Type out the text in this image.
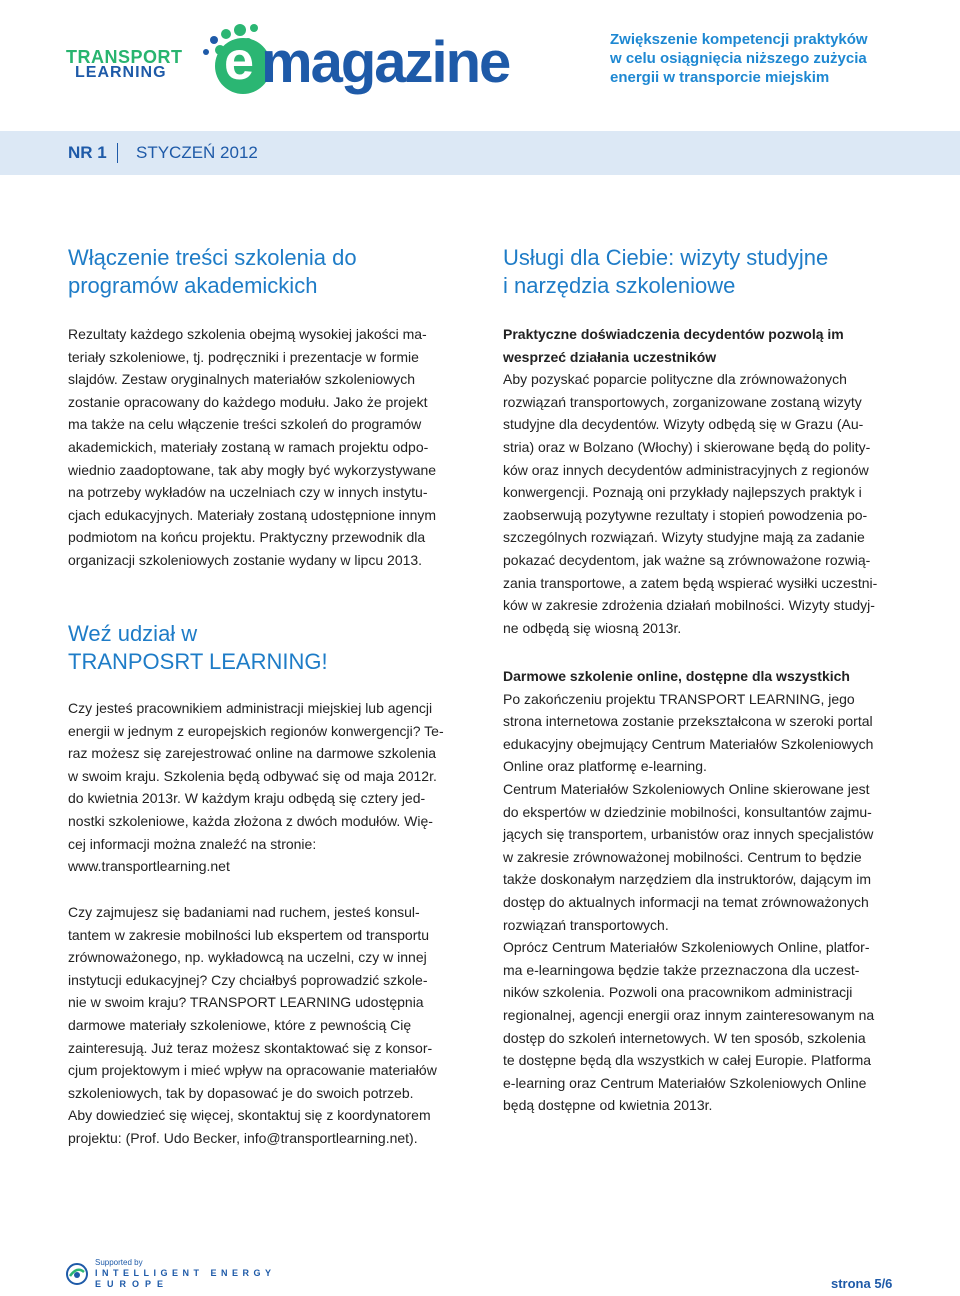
TRANSPORT
LEARNING e magazine	Zwiększenie kompetencji praktyków
w celu osiągnięcia niższego zużycia
energii w transporcie miejskim
NR 1 STYCZEŃ 2012
Włączenie treści szkolenia do
programów akademickich
Rezultaty każdego szkolenia obejmą wysokiej jakości ma-
teriały szkoleniowe, tj. podręczniki i prezentacje w formie
slajdów. Zestaw oryginalnych materiałów szkoleniowych
zostanie opracowany do każdego modułu. Jako że projekt
ma także na celu włączenie treści szkoleń do programów
akademickich, materiały zostaną w ramach projektu odpo-
wiednio zaadoptowane, tak aby mogły być wykorzystywane
na potrzeby wykładów na uczelniach czy w innych instytu-
cjach edukacyjnych. Materiały zostaną udostępnione innym
podmiotom na końcu projektu. Praktyczny przewodnik dla
organizacji szkoleniowych zostanie wydany w lipcu 2013.
Weź udział w
TRANPOSRT LEARNING!
Czy jesteś pracownikiem administracji miejskiej lub agencji
energii w jednym z europejskich regionów konwergencji? Te-
raz możesz się zarejestrować online na darmowe szkolenia
w swoim kraju. Szkolenia będą odbywać się od maja 2012r.
do kwietnia 2013r. W każdym kraju odbędą się cztery jed-
nostki szkoleniowe, każda złożona z dwóch modułów. Wię-
cej informacji można znaleźć na stronie:
www.transportlearning.net
Czy zajmujesz się badaniami nad ruchem, jesteś konsul-
tantem w zakresie mobilności lub ekspertem od transportu
zrównoważonego, np. wykładowcą na uczelni, czy w innej
instytucji edukacyjnej? Czy chciałbyś poprowadzić szkole-
nie w swoim kraju? TRANSPORT LEARNING udostępnia
darmowe materiały szkoleniowe, które z pewnością Cię
zainteresują. Już teraz możesz skontaktować się z konsor-
cjum projektowym i mieć wpływ na opracowanie materiałów
szkoleniowych, tak by dopasować je do swoich potrzeb.
Aby dowiedzieć się więcej, skontaktuj się z koordynatorem
projektu: (Prof. Udo Becker, info@transportlearning.net).
Usługi dla Ciebie: wizyty studyjne
i narzędzia szkoleniowe
Praktyczne doświadczenia decydentów pozwolą im
wesprzeć działania uczestników
Aby pozyskać poparcie polityczne dla zrównoważonych
rozwiązań transportowych, zorganizowane zostaną wizyty
studyjne dla decydentów. Wizyty odbędą się w Grazu (Au-
stria) oraz w Bolzano (Włochy) i skierowane będą do polity-
ków oraz innych decydentów administracyjnych z regionów
konwergencji. Poznają oni przykłady najlepszych praktyk i
zaobserwują pozytywne rezultaty i stopień powodzenia po-
szczególnych rozwiązań. Wizyty studyjne mają za zadanie
pokazać decydentom, jak ważne są zrównoważone rozwią-
zania transportowe, a zatem będą wspierać wysiłki uczestni-
ków w zakresie zdrożenia działań mobilności. Wizyty studyj-
ne odbędą się wiosną 2013r.
Darmowe szkolenie online, dostępne dla wszystkich
Po zakończeniu projektu TRANSPORT LEARNING, jego
strona internetowa zostanie przekształcona w szeroki portal
edukacyjny obejmujący Centrum Materiałów Szkoleniowych
Online oraz platformę e-learning.
Centrum Materiałów Szkoleniowych Online skierowane jest
do ekspertów w dziedzinie mobilności, konsultantów zajmu-
jących się transportem, urbanistów oraz innych specjalistów
w zakresie zrównoważonej mobilności. Centrum to będzie
także doskonałym narzędziem dla instruktorów, dającym im
dostęp do aktualnych informacji na temat zrównoważonych
rozwiązań transportowych.
Oprócz Centrum Materiałów Szkoleniowych Online, platfor-
ma e-learningowa będzie także przeznaczona dla uczest-
ników szkolenia. Pozwoli ona pracownikom administracji
regionalnej, agencji energii oraz innym zainteresowanym na
dostęp do szkoleń internetowych. W ten sposób, szkolenia
te dostępne będą dla wszystkich w całej Europie. Platforma
e-learning oraz Centrum Materiałów Szkoleniowych Online
będą dostępne od kwietnia 2013r.
Supported by
INTELLIGENT ENERGY
EUROPE	strona 5/6
